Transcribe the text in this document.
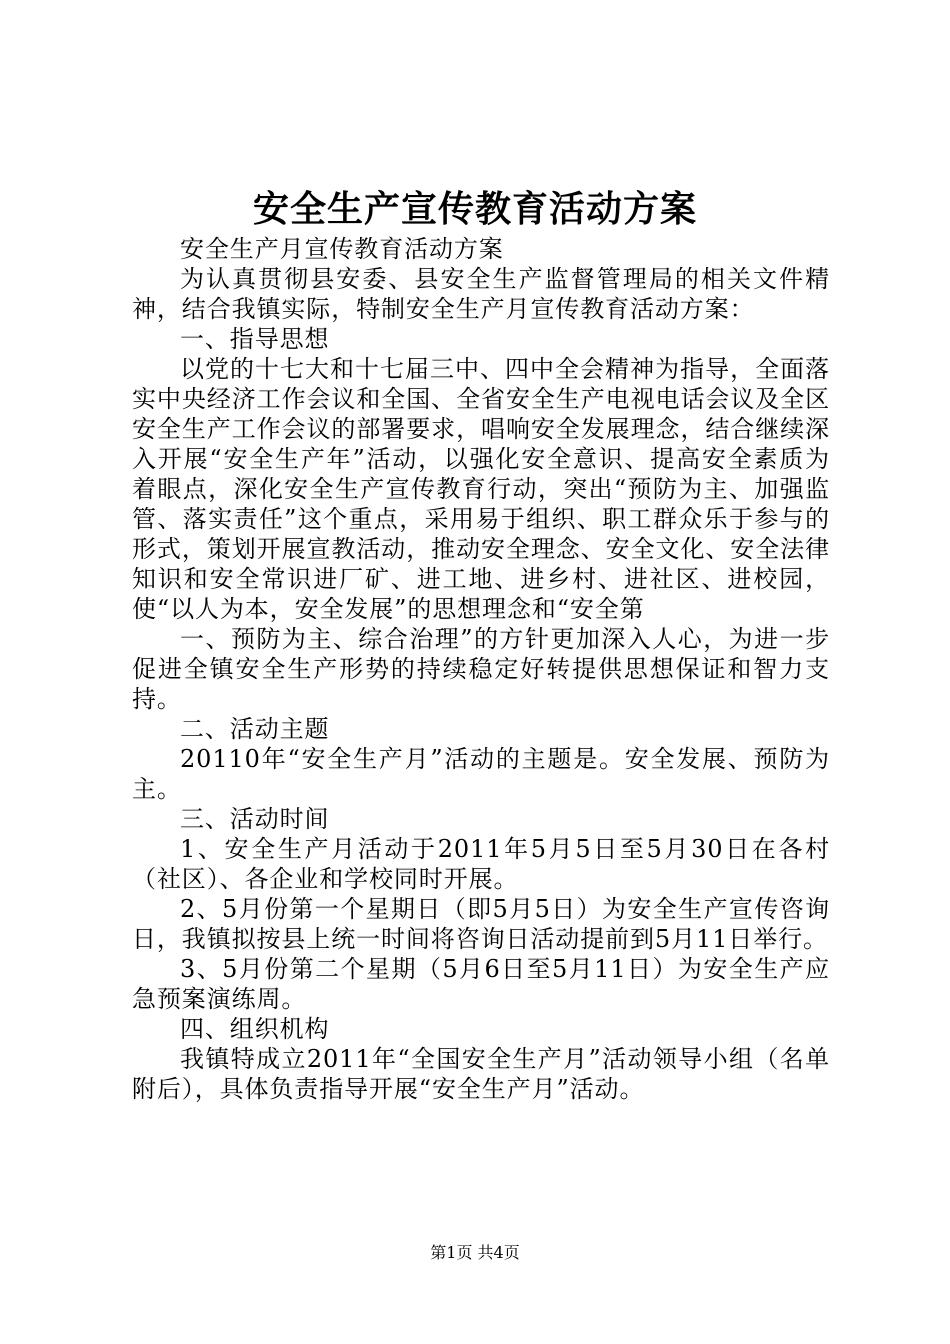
安全生产宣传教育活动方案

安全生产月宣传教育活动方案

为认真贯彻县安委、县安全生产监督管理局的相关文件精神，结合我镇实际，特制安全生产月宣传教育活动方案：

一、指导思想

以党的十七大和十七届三中、四中全会精神为指导，全面落实中央经济工作会议和全国、全省安全生产电视电话会议及全区安全生产工作会议的部署要求，唱响安全发展理念，结合继续深入开展“安全生产年”活动，以强化安全意识、提高安全素质为着眼点，深化安全生产宣传教育行动，突出“预防为主、加强监管、落实责任”这个重点，采用易于组织、职工群众乐于参与的形式，策划开展宣教活动，推动安全理念、安全文化、安全法律知识和安全常识进厂矿、进工地、进乡村、进社区、进校园，使“以人为本，安全发展”的思想理念和“安全第

一、预防为主、综合治理”的方针更加深入人心，为进一步促进全镇安全生产形势的持续稳定好转提供思想保证和智力支持。

二、活动主题

20110年“安全生产月”活动的主题是。安全发展、预防为主。

三、活动时间

1、安全生产月活动于2011年5月5日至5月30日在各村（社区）、各企业和学校同时开展。

2、5月份第一个星期日（即5月5日）为安全生产宣传咨询日，我镇拟按县上统一时间将咨询日活动提前到5月11日举行。

3、5月份第二个星期（5月6日至5月11日）为安全生产应急预案演练周。

四、组织机构

我镇特成立2011年“全国安全生产月”活动领导小组（名单附后），具体负责指导开展“安全生产月”活动。

第1页 共4页
